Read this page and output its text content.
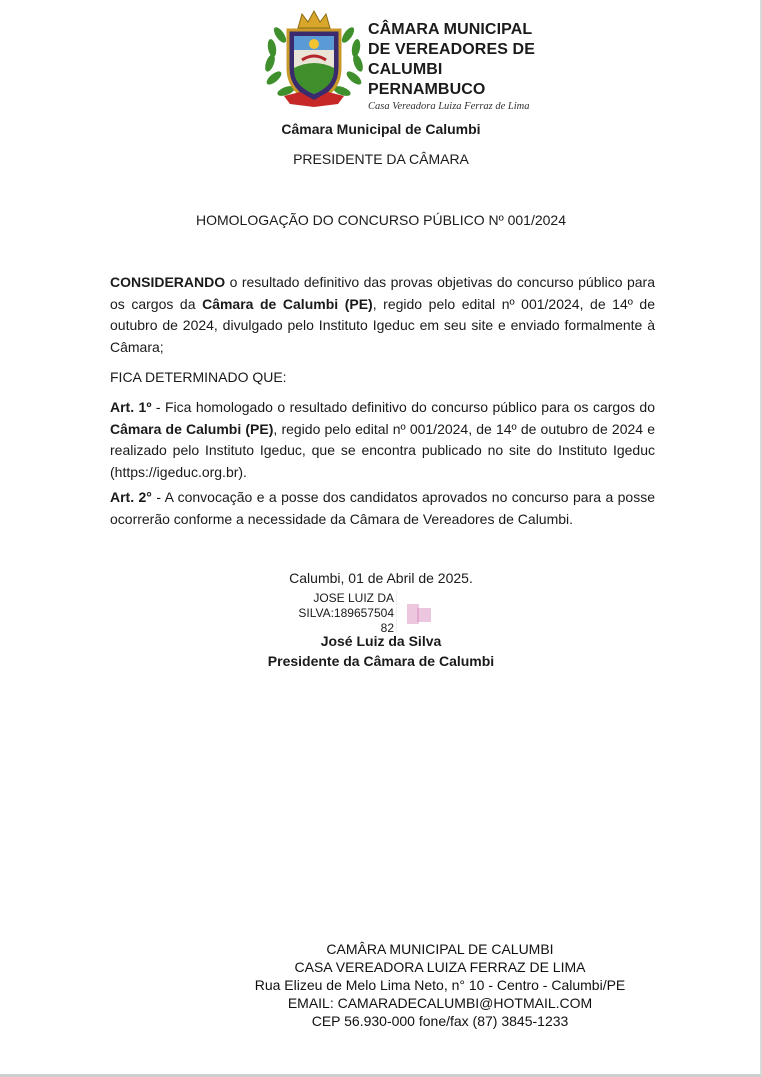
CÂMARA MUNICIPAL
DE VEREADORES DE
CALUMBI PERNAMBUCO
Casa Vereadora Luiza Ferraz de Lima
Câmara Municipal de Calumbi
PRESIDENTE DA CÂMARA
HOMOLOGAÇÃO DO CONCURSO PÚBLICO Nº 001/2024

CONSIDERANDO o resultado definitivo das provas objetivas do concurso público para os cargos da Câmara de Calumbi (PE), regido pelo edital nº 001/2024, de 14º de outubro de 2024, divulgado pelo Instituto Igeduc em seu site e enviado formalmente à Câmara;

FICA DETERMINADO QUE:

Art. 1º - Fica homologado o resultado definitivo do concurso público para os cargos do Câmara de Calumbi (PE), regido pelo edital nº 001/2024, de 14º de outubro de 2024 e realizado pelo Instituto Igeduc, que se encontra publicado no site do Instituto Igeduc (https://igeduc.org.br).

Art. 2° - A convocação e a posse dos candidatos aprovados no concurso para a posse ocorrerão conforme a necessidade da Câmara de Vereadores de Calumbi.

Calumbi, 01 de Abril de 2025.
JOSE LUIZ DA
SILVA:189657504
82
José Luiz da Silva
Presidente da Câmara de Calumbi
CAMÂRA MUNICIPAL DE CALUMBI
CASA VEREADORA LUIZA FERRAZ DE LIMA
Rua Elizeu de Melo Lima Neto, n° 10 - Centro - Calumbi/PE
EMAIL: CAMARADECALUMBI@HOTMAIL.COM
CEP 56.930-000 fone/fax (87) 3845-1233
